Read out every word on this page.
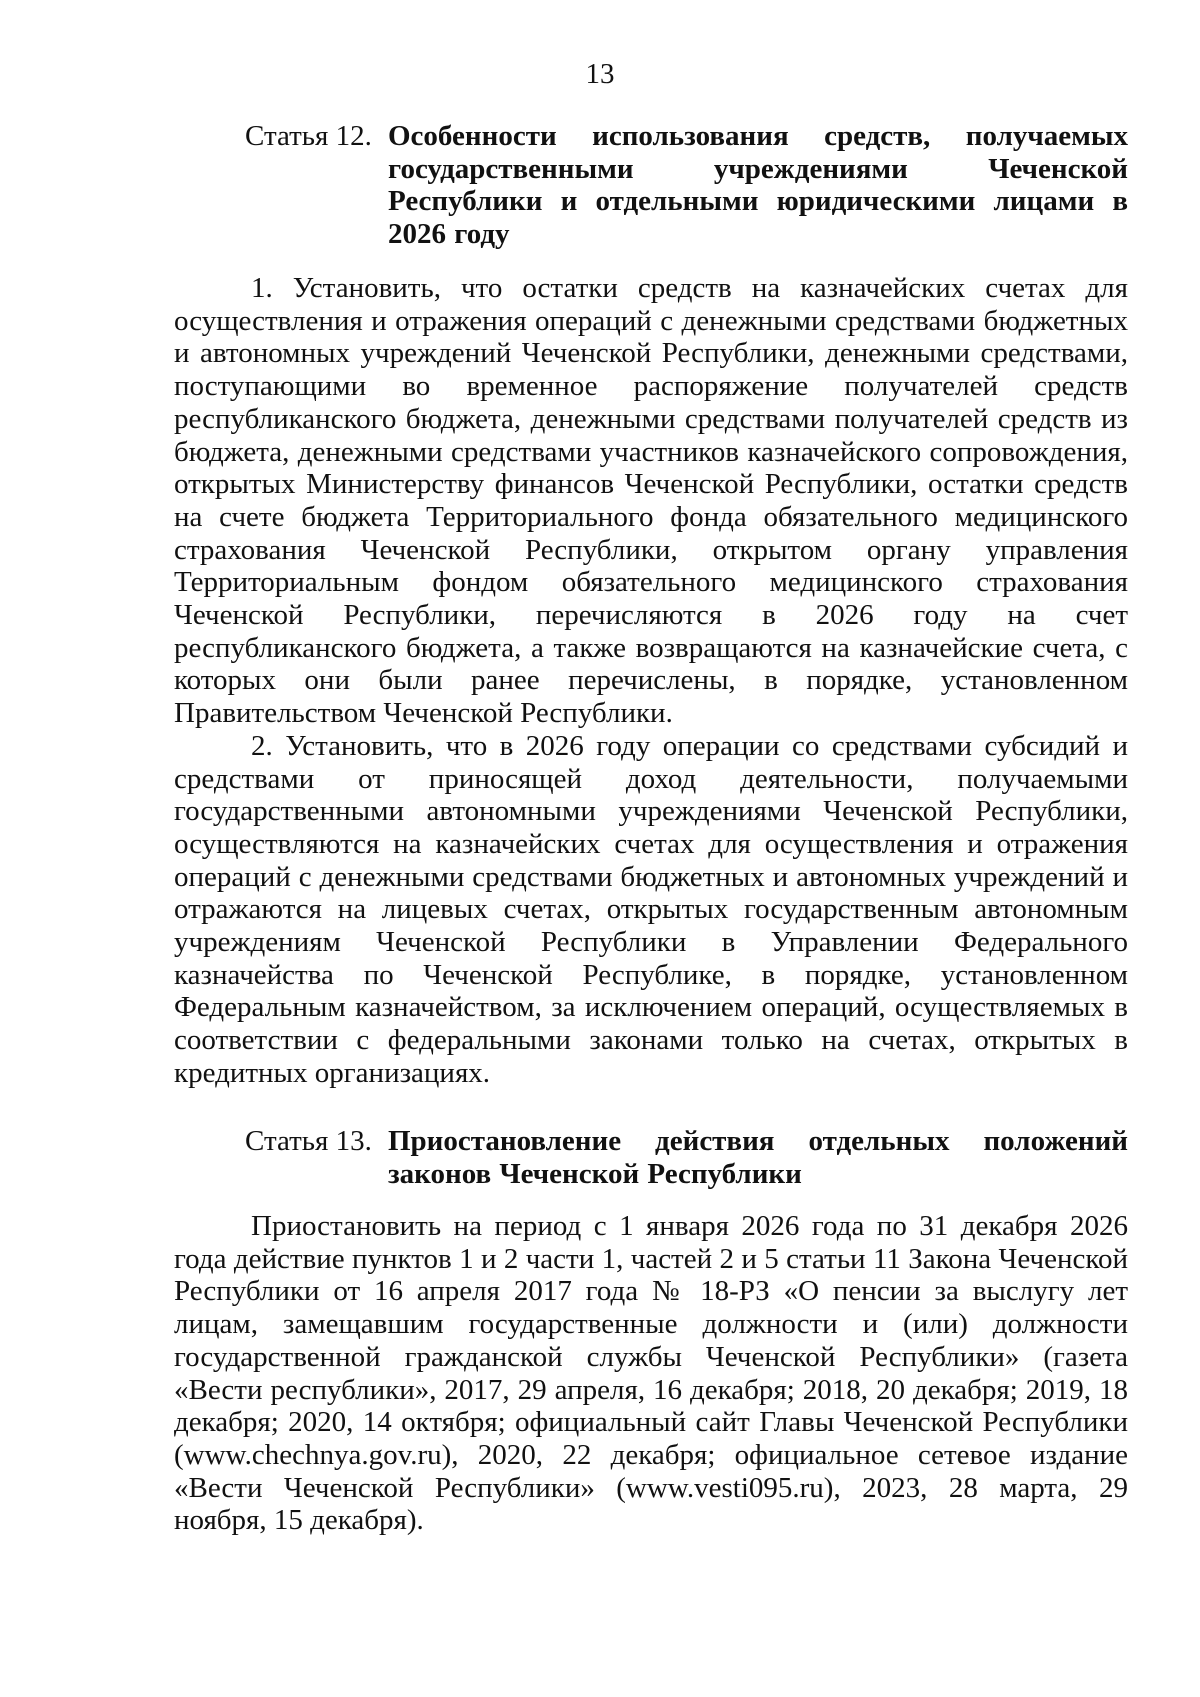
13
Статья 12. Особенности использования средств, получаемых государственными учреждениями Чеченской Республики и отдельными юридическими лицами в 2026 году

1. Установить, что остатки средств на казначейских счетах для осуществления и отражения операций с денежными средствами бюджетных и автономных учреждений Чеченской Республики, денежными средствами, поступающими во временное распоряжение получателей средств республиканского бюджета, денежными средствами получателей средств из бюджета, денежными средствами участников казначейского сопровождения, открытых Министерству финансов Чеченской Республики, остатки средств на счете бюджета Территориального фонда обязательного медицинского страхования Чеченской Республики, открытом органу управления Территориальным фондом обязательного медицинского страхования Чеченской Республики, перечисляются в 2026 году на счет республиканского бюджета, а также возвращаются на казначейские счета, с которых они были ранее перечислены, в порядке, установленном Правительством Чеченской Республики.

2. Установить, что в 2026 году операции со средствами субсидий и средствами от приносящей доход деятельности, получаемыми государственными автономными учреждениями Чеченской Республики, осуществляются на казначейских счетах для осуществления и отражения операций с денежными средствами бюджетных и автономных учреждений и отражаются на лицевых счетах, открытых государственным автономным учреждениям Чеченской Республики в Управлении Федерального казначейства по Чеченской Республике, в порядке, установленном Федеральным казначейством, за исключением операций, осуществляемых в соответствии с федеральными законами только на счетах, открытых в кредитных организациях.

Статья 13. Приостановление действия отдельных положений законов Чеченской Республики

Приостановить на период с 1 января 2026 года по 31 декабря 2026 года действие пунктов 1 и 2 части 1, частей 2 и 5 статьи 11 Закона Чеченской Республики от 16 апреля 2017 года № 18-РЗ «О пенсии за выслугу лет лицам, замещавшим государственные должности и (или) должности государственной гражданской службы Чеченской Республики» (газета «Вести республики», 2017, 29 апреля, 16 декабря; 2018, 20 декабря; 2019, 18 декабря; 2020, 14 октября; официальный сайт Главы Чеченской Республики (www.chechnya.gov.ru), 2020, 22 декабря; официальное сетевое издание «Вести Чеченской Республики» (www.vesti095.ru), 2023, 28 марта, 29 ноября, 15 декабря).
